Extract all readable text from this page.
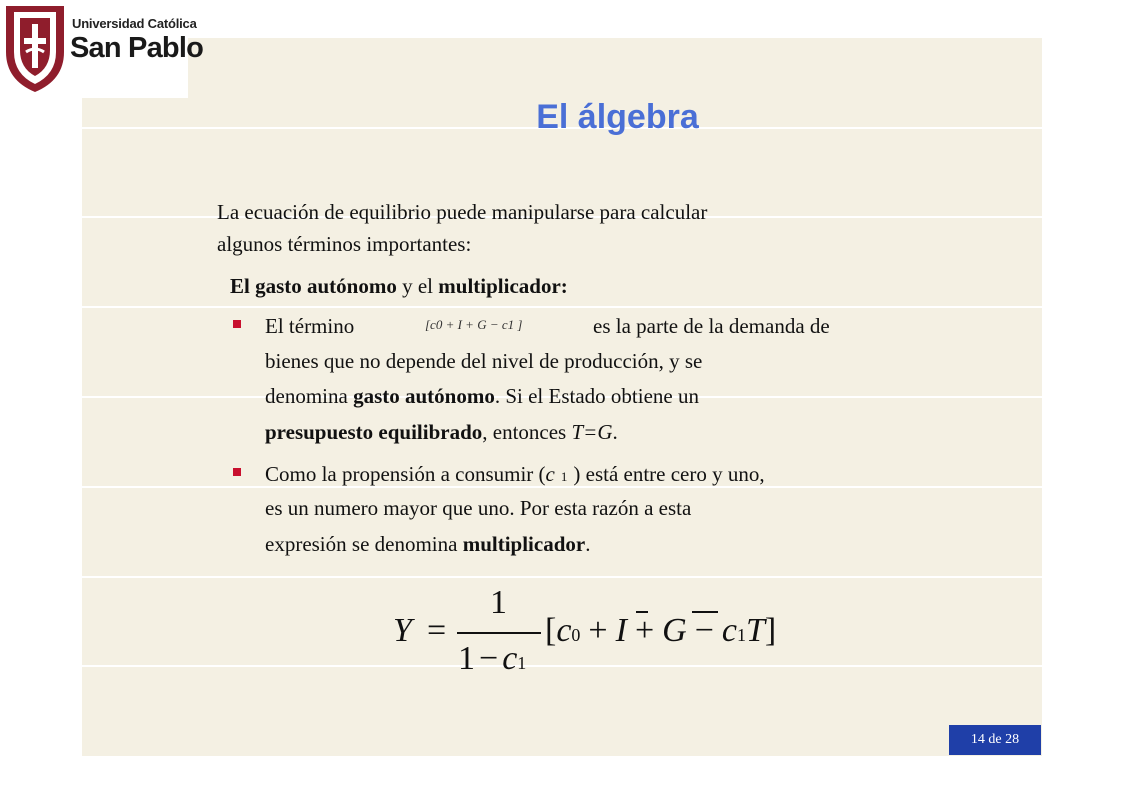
Universidad Católica
San Pablo
El álgebra
La ecuación de equilibrio puede manipularse para calcular
algunos términos importantes:
El gasto autónomo y el multiplicador:
El término	[c0 + I + G − c1 ]	es la parte de la demanda de
bienes que no depende del nivel de producción, y se
denomina gasto autónomo. Si el Estado obtiene un
presupuesto equilibrado, entonces T=G.
Como la propensión a consumir (c 1 ) está entre cero y uno,
es un numero mayor que uno. Por esta razón a esta
expresión se denomina multiplicador.
Y =
1
1 − c1
[c0 + I + G − c1T]
14 de 28
